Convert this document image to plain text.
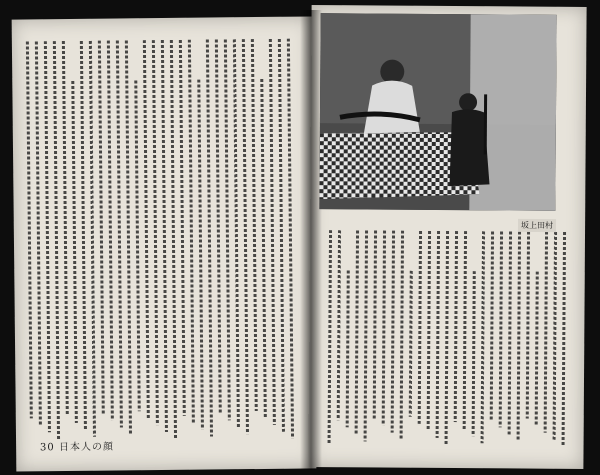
坂上田村
30 日本人の顔
